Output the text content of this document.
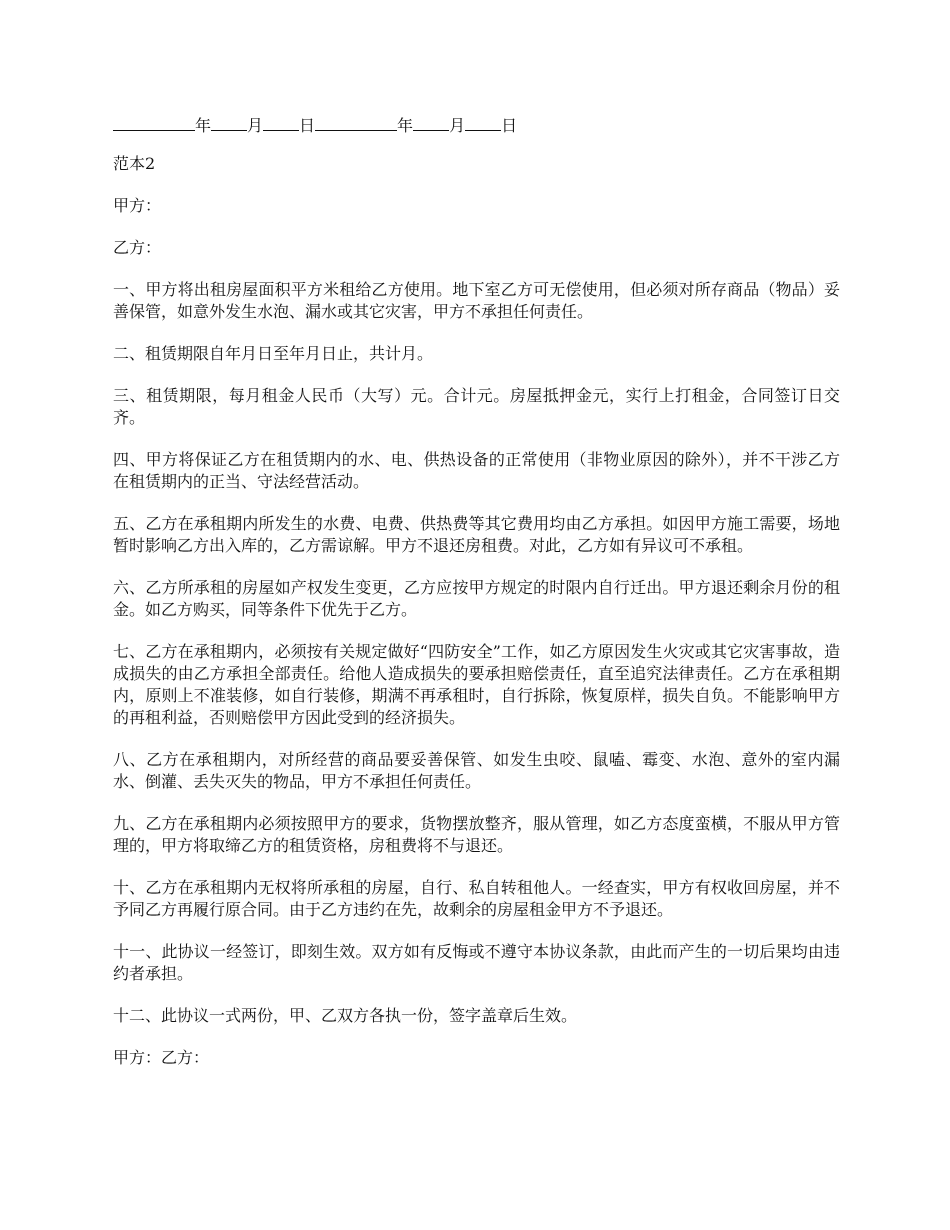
年 月 日	年 月 日

范本2

甲方：

乙方：

一、甲方将出租房屋面积平方米租给乙方使用。地下室乙方可无偿使用，但必须对所存商品（物品）妥善保管，如意外发生水泡、漏水或其它灾害，甲方不承担任何责任。

二、租赁期限自年月日至年月日止，共计月。

三、租赁期限，每月租金人民币（大写）元。合计元。房屋抵押金元，实行上打租金，合同签订日交齐。

四、甲方将保证乙方在租赁期内的水、电、供热设备的正常使用（非物业原因的除外），并不干涉乙方在租赁期内的正当、守法经营活动。

五、乙方在承租期内所发生的水费、电费、供热费等其它费用均由乙方承担。如因甲方施工需要，场地暂时影响乙方出入库的，乙方需谅解。甲方不退还房租费。对此，乙方如有异议可不承租。

六、乙方所承租的房屋如产权发生变更，乙方应按甲方规定的时限内自行迁出。甲方退还剩余月份的租金。如乙方购买，同等条件下优先于乙方。

七、乙方在承租期内，必须按有关规定做好“四防安全”工作，如乙方原因发生火灾或其它灾害事故，造成损失的由乙方承担全部责任。给他人造成损失的要承担赔偿责任，直至追究法律责任。乙方在承租期内，原则上不准装修，如自行装修，期满不再承租时，自行拆除，恢复原样，损失自负。不能影响甲方的再租利益，否则赔偿甲方因此受到的经济损失。

八、乙方在承租期内，对所经营的商品要妥善保管、如发生虫咬、鼠嗑、霉变、水泡、意外的室内漏水、倒灌、丢失灭失的物品，甲方不承担任何责任。

九、乙方在承租期内必须按照甲方的要求，货物摆放整齐，服从管理，如乙方态度蛮横，不服从甲方管理的，甲方将取缔乙方的租赁资格，房租费将不与退还。

十、乙方在承租期内无权将所承租的房屋，自行、私自转租他人。一经查实，甲方有权收回房屋，并不予同乙方再履行原合同。由于乙方违约在先，故剩余的房屋租金甲方不予退还。

十一、此协议一经签订，即刻生效。双方如有反悔或不遵守本协议条款，由此而产生的一切后果均由违约者承担。

十二、此协议一式两份，甲、乙双方各执一份，签字盖章后生效。

甲方：乙方：
